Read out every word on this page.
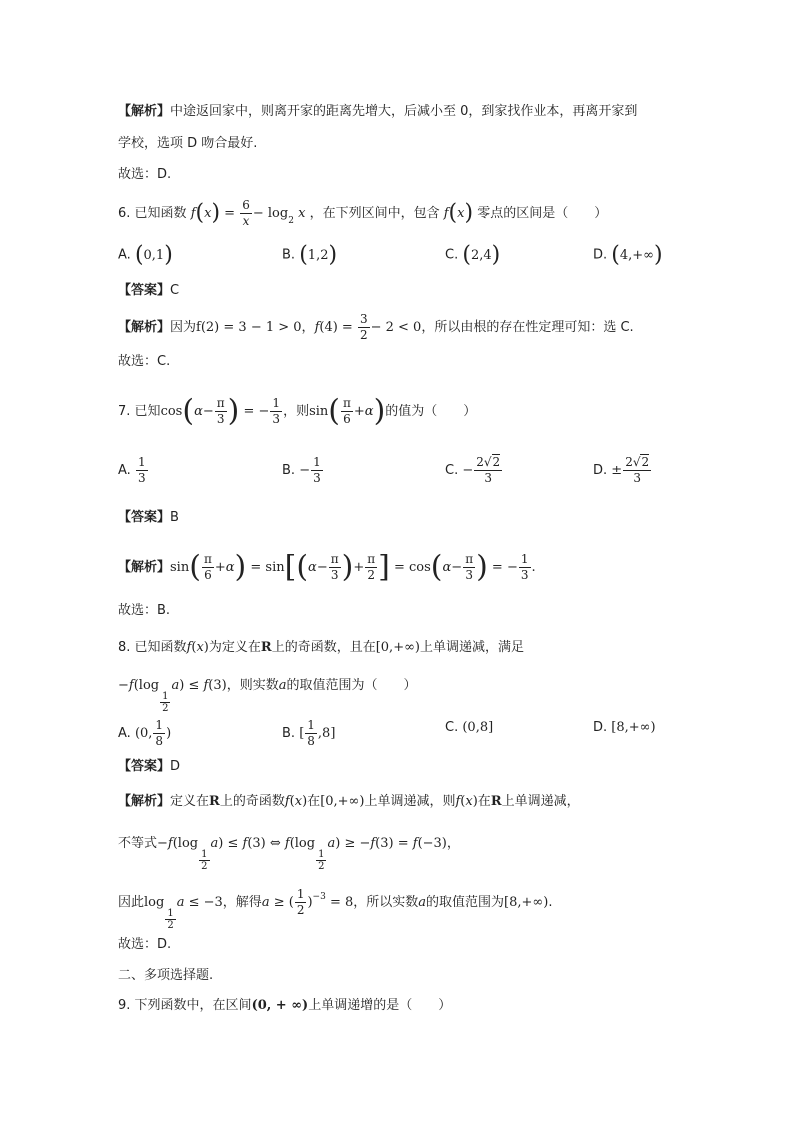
【解析】中途返回家中，则离开家的距离先增大，后减小至 0，到家找作业本，再离开家到
学校，选项 D 吻合最好.
故选：D.
6. 已知函数 $f(x) = \frac{6}{x} - \log_2 x$ ，在下列区间中，包含 f(x) 零点的区间是（　　）
A. (0,1)	B. (1,2)	C. (2,4)	D. (4,+∞)
【答案】C
【解析】因为f(2) = 3 − 1 > 0，$f(4) = \frac{3}{2} - 2 < 0$，所以由根的存在性定理可知：选 C.
故选：C.
7. 已知$\cos(\alpha- \frac{\pi}{3}$ ) = − $\frac{1}{3}$ ，则$\sin( \frac{\pi}{6} +\alpha)$的值为（　　）
A. $\frac{1}{3}$	B. − $\frac{1}{3}$	C. − $\frac{2√2}{3}$	D. ± $\frac{2√2}{3}$
【答案】B
【解析】$\sin( \frac{\pi}{6} +\alpha) = \sin[(\alpha- \frac{\pi}{3}$ )+ $\frac{\pi}{2}$ ] = $\cos(\alpha- \frac{\pi}{3}$ ) = − $\frac{1}{3}$ .
故选：B.
8. 已知函数f(x)为定义在R上的奇函数，且在[0,+∞)上单调递减，满足
−f(log
$\frac{1}{2}$
a) ≤ f(3)，则实数a的取值范围为（　　）
A. (0, $\frac{1}{8}$ )	B. [ $\frac{1}{8} ,8$]	C. (0,8]	D. [8,+∞)
【答案】D
【解析】定义在R上的奇函数f(x)在[0,+∞)上单调递减，则f(x)在R上单调递减，
不等式−f(log
$\frac{1}{2}$
a) ≤ f(3) ⇔ f(log
$\frac{1}{2}$
a) ≥ −f(3) = f(−3)，
因此log
$\frac{1}{2}$
a ≤ −3，解得a ≥ ( $\frac{1}{2} )^{-3} = 8$，所以实数a的取值范围为[8,+∞).
故选：D.
二、多项选择题.
9. 下列函数中，在区间(0, + ∞)上单调递增的是（　　）
